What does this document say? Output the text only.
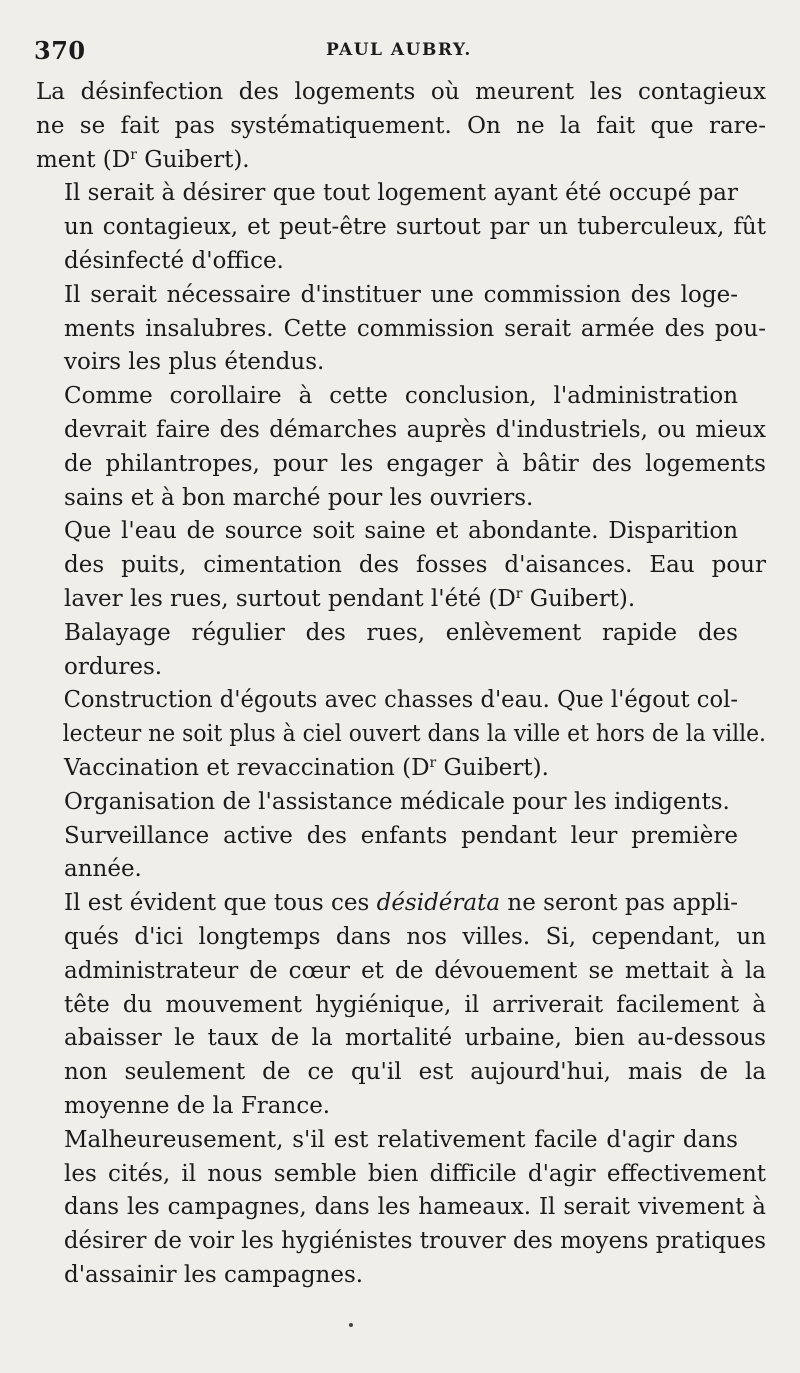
370	PAUL AUBRY.

La désinfection des logements où meurent les contagieux
ne se fait pas systématiquement. On ne la fait que rare-
ment ($D^r$ Guibert).

Il serait à désirer que tout logement ayant été occupé par
un contagieux, et peut-être surtout par un tuberculeux, fût
désinfecté d'office.

Il serait nécessaire d'instituer une commission des loge-
ments insalubres. Cette commission serait armée des pou-
voirs les plus étendus.

Comme corollaire à cette conclusion, l'administration
devrait faire des démarches auprès d'industriels, ou mieux
de philantropes, pour les engager à bâtir des logements
sains et à bon marché pour les ouvriers.

Que l'eau de source soit saine et abondante. Disparition
des puits, cimentation des fosses d'aisances. Eau pour
laver les rues, surtout pendant l'été ($D^r$ Guibert).

Balayage régulier des rues, enlèvement rapide des
ordures.

Construction d'égouts avec chasses d'eau. Que l'égout col-
lecteur ne soit plus à ciel ouvert dans la ville et hors de la ville.

Vaccination et revaccination ($D^r$ Guibert).

Organisation de l'assistance médicale pour les indigents.

Surveillance active des enfants pendant leur première
année.

Il est évident que tous ces désidérata ne seront pas appli-
qués d'ici longtemps dans nos villes. Si, cependant, un
administrateur de cœur et de dévouement se mettait à la
tête du mouvement hygiénique, il arriverait facilement à
abaisser le taux de la mortalité urbaine, bien au-dessous
non seulement de ce qu'il est aujourd'hui, mais de la
moyenne de la France.

Malheureusement, s'il est relativement facile d'agir dans
les cités, il nous semble bien difficile d'agir effectivement
dans les campagnes, dans les hameaux. Il serait vivement à
désirer de voir les hygiénistes trouver des moyens pratiques
d'assainir les campagnes.
